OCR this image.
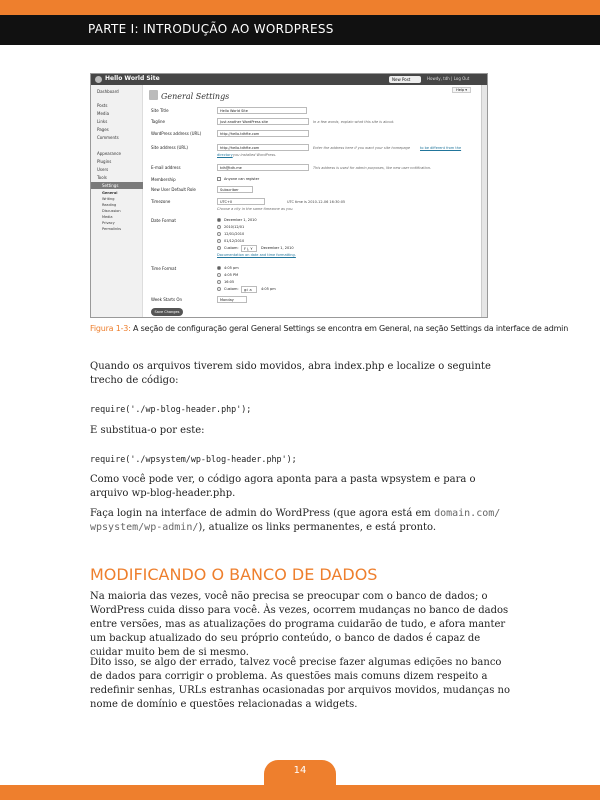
PARTE I: INTRODUÇÃO AO WORDPRESS
Hello World Site	New Post	Howdy, tdh | Log Out
Help ▾
Dashboard
Posts
Media
Links
Pages
Comments
Appearance
Plugins
Users
Tools
Settings
General
Writing
Reading
Discussion
Media
Privacy
Permalinks
General Settings
Site Title	Hello World Site
Tagline	Just another WordPress site	In a few words, explain what this site is about.
WordPress address (URL)	http://hello.tdhfte.com
Site address (URL)	http://hello.tdhfte.com	Enter the address here if you want your site homepage	to be different from the
directory you installed WordPress.
E-mail address	tdh@tdh.me	This address is used for admin purposes, like new user notification.
Membership	Anyone can register
New User Default Role	Subscriber
Timezone	UTC+0	UTC time is 2010-12-06 16:30:05
Choose a city in the same timezone as you.
Date Format	December 1, 2010
2010/12/01
12/01/2010
01/12/2010
Custom:	F j, Y	December 1, 2010
Documentation on date and time formatting.
Time Format	4:05 pm
4:05 PM
16:05
Custom:	g:i a	4:05 pm
Week Starts On	Monday
Save Changes
Figura 1-3: A seção de configuração geral General Settings se encontra em General, na seção Settings da interface de admin
Quando os arquivos tiverem sido movidos, abra index.php e localize o seguinte trecho de código:
require('./wp-blog-header.php');
E substitua-o por este:
require('./wpsystem/wp-blog-header.php');
Como você pode ver, o código agora aponta para a pasta wpsystem e para o arquivo wp-blog-header.php.
Faça login na interface de admin do WordPress (que agora está em domain.com/
wpsystem/wp-admin/), atualize os links permanentes, e está pronto.
MODIFICANDO O BANCO DE DADOS
Na maioria das vezes, você não precisa se preocupar com o banco de dados; o WordPress cuida disso para você. Às vezes, ocorrem mudanças no banco de dados entre versões, mas as atualizações do programa cuidarão de tudo, e afora manter um backup atualizado do seu próprio conteúdo, o banco de dados é capaz de cuidar muito bem de si mesmo.
Dito isso, se algo der errado, talvez você precise fazer algumas edições no banco de dados para corrigir o problema. As questões mais comuns dizem respeito a redefinir senhas, URLs estranhas ocasionadas por arquivos movidos, mudanças no nome de domínio e questões relacionadas a widgets.
14
